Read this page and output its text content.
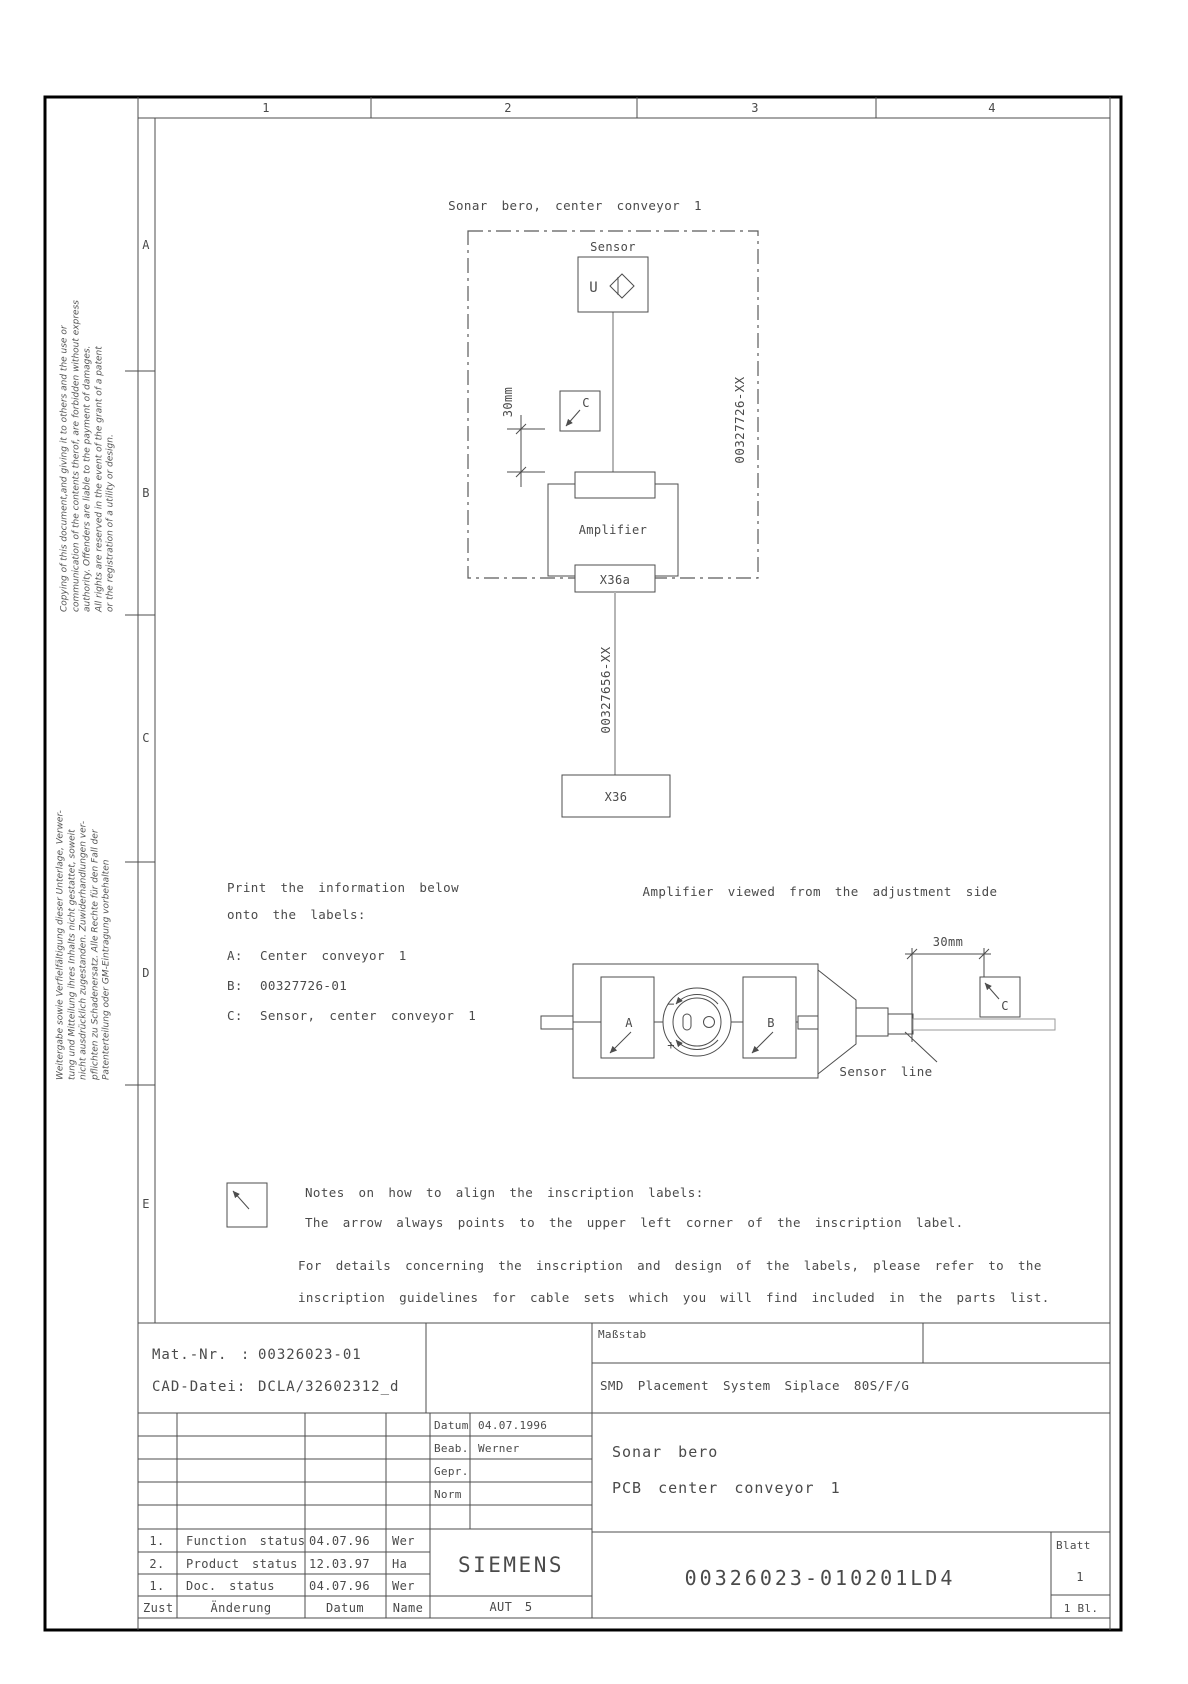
Copying of this document,and giving it to others and the use or communication of the contents therof, are forbidden without express authority. Offenders are liable to the payment of damages. All rights are reserved in the event of the grant of a patent or the registration of a utility or design.
Weitergabe sowie Verfielfältigung dieser Unterlage, Verwer- tung und Mitteilung ihres Inhalts nicht gestattet, soweit nicht ausdrücklich zugestanden. Zuwiderhandlungen ver- pflichten zu Schadenersatz. Alle Rechte für den Fall der Patenterteilung oder GM-Eintragung vorbehalten
1	2	3	4
A
B
C
D
E
Sonar bero, center conveyor 1
00327726-XX
Sensor
U
C
30mm
Amplifier
X36a
00327656-XX
X36
Print the information below
onto the labels:
A: Center conveyor 1
B: 00327726-01
C: Sensor, center conveyor 1
Amplifier viewed from the adjustment side
A
−
+
B
30mm
C
Sensor line
Notes on how to align the inscription labels:
The arrow always points to the upper left corner of the inscription label.
For details concerning the inscription and design of the labels, please refer to the
inscription guidelines for cable sets which you will find included in the parts list.
Mat.-Nr. : 00326023-01
CAD-Datei: DCLA/32602312_d
Maßstab
SMD Placement System Siplace 80S/F/G
Datum 04.07.1996
Beab. Werner
Gepr.
Norm
Sonar bero
PCB center conveyor 1
1. Function status 04.07.96 Wer
2. Product status 12.03.97 Ha
1. Doc. status	04.07.96 Wer
Zust	Änderung	Datum Name
SIEMENS
AUT 5
00326023-010201LD4
Blatt
1
1 Bl.
